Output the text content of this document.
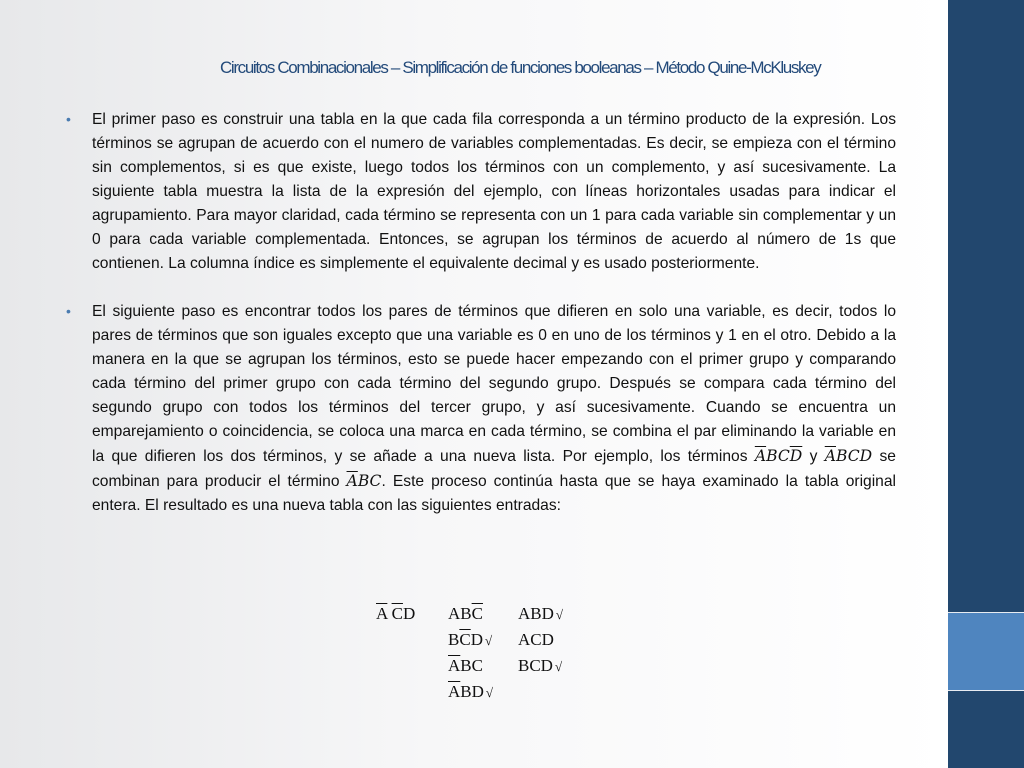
Circuitos Combinacionales – Simplificación de funciones booleanas – Método Quine-McKluskey
• El primer paso es construir una tabla en la que cada fila corresponda a un término producto de la expresión. Los términos se agrupan de acuerdo con el numero de variables complementadas. Es decir, se empieza con el término sin complementos, si es que existe, luego todos los términos con un complemento, y así sucesivamente. La siguiente tabla muestra la lista de la expresión del ejemplo, con líneas horizontales usadas para indicar el agrupamiento. Para mayor claridad, cada término se representa con un 1 para cada variable sin complementar y un 0 para cada variable complementada. Entonces, se agrupan los términos de acuerdo al número de 1s que contienen. La columna índice es simplemente el equivalente decimal y es usado posteriormente.

• El siguiente paso es encontrar todos los pares de términos que difieren en solo una variable, es decir, todos lo pares de términos que son iguales excepto que una variable es 0 en uno de los términos y 1 en el otro. Debido a la manera en la que se agrupan los términos, esto se puede hacer empezando con el primer grupo y comparando cada término del primer grupo con cada término del segundo grupo. Después se compara cada término del segundo grupo con todos los términos del tercer grupo, y así sucesivamente. Cuando se encuentra un emparejamiento o coincidencia, se coloca una marca en cada término, se combina el par eliminando la variable en la que difieren los dos términos, y se añade a una nueva lista. Por ejemplo, los términos $\overline{A}BC\overline{D}$ y $\overline{A}BCD$ se combinan para producir el término $\overline{A}BC$. Este proceso continúa hasta que se haya examinado la tabla original entera. El resultado es una nueva tabla con las siguientes entradas:

$\overline{A}$ $\overline{C}D$ $AB\overline{C}$
$B\overline{C}D$ √
ABC
$\overline{A}BD$ √
ABD √
ACD
BCD √
